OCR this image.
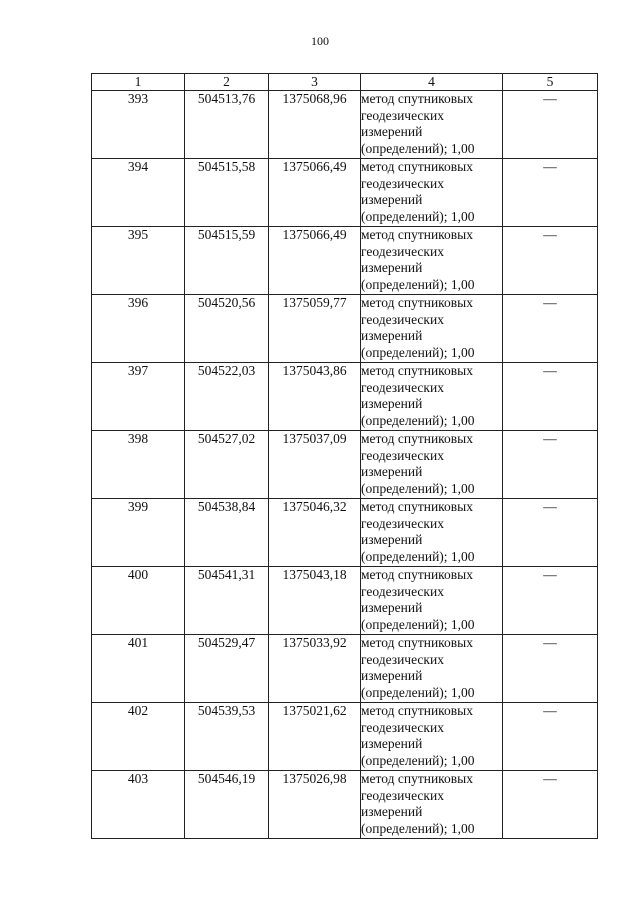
100
1	2	3	4	5
393	504513,76	1375068,96	метод спутниковых
геодезических
измерений
(определений); 1,00	—
394	504515,58	1375066,49	метод спутниковых
геодезических
измерений
(определений); 1,00	—
395	504515,59	1375066,49	метод спутниковых
геодезических
измерений
(определений); 1,00	—
396	504520,56	1375059,77	метод спутниковых
геодезических
измерений
(определений); 1,00	—
397	504522,03	1375043,86	метод спутниковых
геодезических
измерений
(определений); 1,00	—
398	504527,02	1375037,09	метод спутниковых
геодезических
измерений
(определений); 1,00	—
399	504538,84	1375046,32	метод спутниковых
геодезических
измерений
(определений); 1,00	—
400	504541,31	1375043,18	метод спутниковых
геодезических
измерений
(определений); 1,00	—
401	504529,47	1375033,92	метод спутниковых
геодезических
измерений
(определений); 1,00	—
402	504539,53	1375021,62	метод спутниковых
геодезических
измерений
(определений); 1,00	—
403	504546,19	1375026,98	метод спутниковых
геодезических
измерений
(определений); 1,00	—
